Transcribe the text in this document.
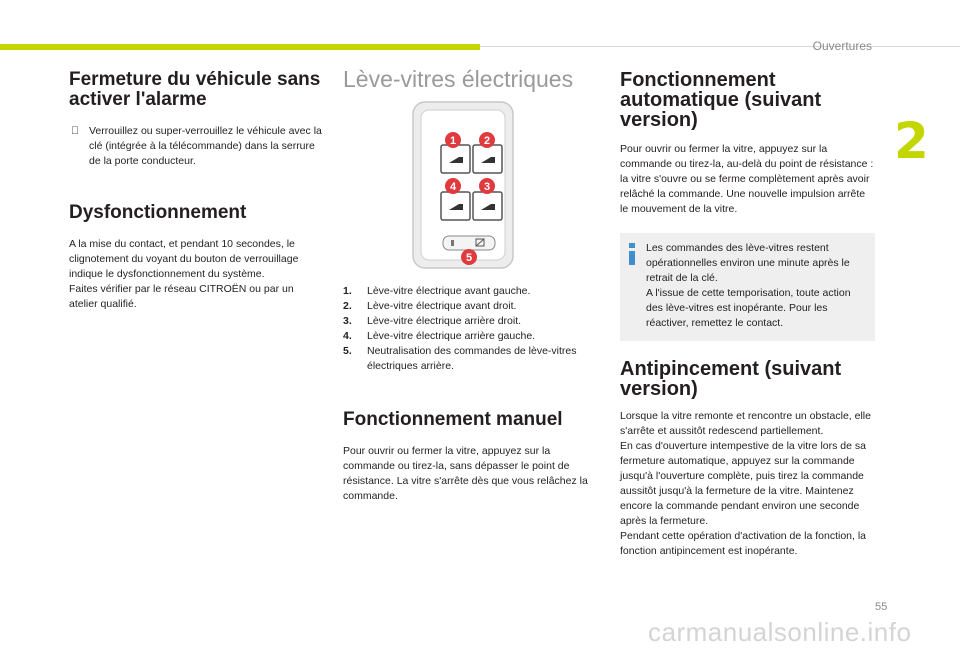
Ouvertures
2
Fermeture du véhicule sans activer l'alarme
Verrouillez ou super-verrouillez le véhicule avec la clé (intégrée à la télécommande) dans la serrure de la porte conducteur.
Dysfonctionnement

A la mise du contact, et pendant 10 secondes, le clignotement du voyant du bouton de verrouillage indique le dysfonctionnement du système.

Faites vérifier par le réseau CITROËN ou par un atelier qualifié.

Lève-vitres électriques
1	2
4	3
5
1.	Lève-vitre électrique avant gauche.
2.	Lève-vitre électrique avant droit.
3.	Lève-vitre électrique arrière droit.
4.	Lève-vitre électrique arrière gauche.
5.	Neutralisation des commandes de lève-vitres électriques arrière.
Fonctionnement manuel

Pour ouvrir ou fermer la vitre, appuyez sur la commande ou tirez-la, sans dépasser le point de résistance. La vitre s'arrête dès que vous relâchez la commande.

Fonctionnement automatique (suivant version)

Pour ouvrir ou fermer la vitre, appuyez sur la commande ou tirez-la, au-delà du point de résistance : la vitre s'ouvre ou se ferme complètement après avoir relâché la commande. Une nouvelle impulsion arrête le mouvement de la vitre.

Les commandes des lève-vitres restent opérationnelles environ une minute après le retrait de la clé.

A l'issue de cette temporisation, toute action des lève-vitres est inopérante. Pour les réactiver, remettez le contact.

Antipincement (suivant version)

Lorsque la vitre remonte et rencontre un obstacle, elle s'arrête et aussitôt redescend partiellement.

En cas d'ouverture intempestive de la vitre lors de sa fermeture automatique, appuyez sur la commande jusqu'à l'ouverture complète, puis tirez la commande aussitôt jusqu'à la fermeture de la vitre. Maintenez encore la commande pendant environ une seconde après la fermeture.

Pendant cette opération d'activation de la fonction, la fonction antipincement est inopérante.

55
carmanualsonline.info
